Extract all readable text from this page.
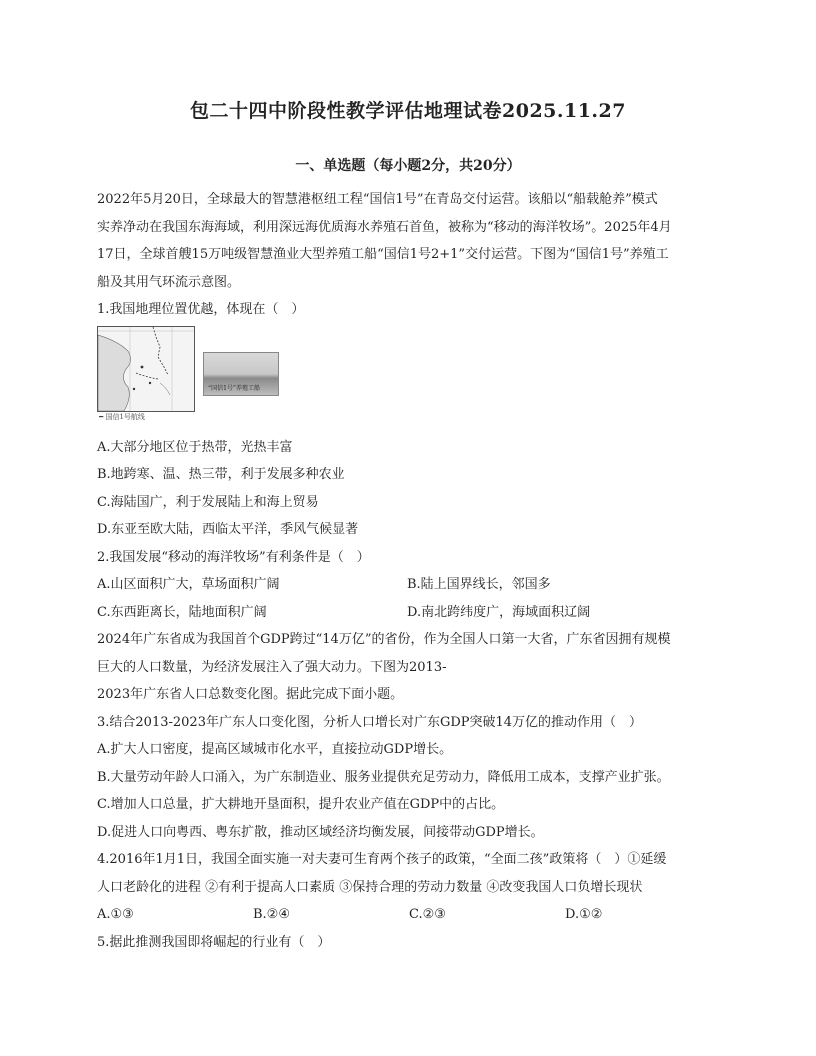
包二十四中阶段性教学评估地理试卷2025.11.27
一、单选题（每小题2分，共20分）

2022年5月20日，全球最大的智慧港枢纽工程“国信1号”在青岛交付运营。该船以“船载舱养”模式

实养净动在我国东海海域，利用深远海优质海水养殖石首鱼，被称为“移动的海洋牧场”。2025年4月

17日，全球首艘15万吨级智慧渔业大型养殖工船“国信1号2+1”交付运营。下图为“国信1号”养殖工

船及其用气环流示意图。

1.我国地理位置优越，体现在（　）

━ 国信1号航线
“国信1号”养殖工船

A.大部分地区位于热带，光热丰富

B.地跨寒、温、热三带，利于发展多种农业

C.海陆国广，利于发展陆上和海上贸易

D.东亚至欧大陆，西临太平洋，季风气候显著

2.我国发展“移动的海洋牧场”有利条件是（　）

A.山区面积广大，草场面积广阔	B.陆上国界线长，邻国多
C.东西距离长，陆地面积广阔	D.南北跨纬度广，海域面积辽阔

2024年广东省成为我国首个GDP跨过“14万亿”的省份，作为全国人口第一大省，广东省因拥有规模

巨大的人口数量，为经济发展注入了强大动力。下图为2013-

2023年广东省人口总数变化图。据此完成下面小题。

3.结合2013-2023年广东人口变化图，分析人口增长对广东GDP突破14万亿的推动作用（　）

A.扩大人口密度，提高区域城市化水平，直接拉动GDP增长。

B.大量劳动年龄人口涌入，为广东制造业、服务业提供充足劳动力，降低用工成本，支撑产业扩张。

C.增加人口总量，扩大耕地开垦面积，提升农业产值在GDP中的占比。

D.促进人口向粤西、粤东扩散，推动区域经济均衡发展，间接带动GDP增长。

4.2016年1月1日，我国全面实施一对夫妻可生育两个孩子的政策，“全面二孩”政策将（　）①延缓

人口老龄化的进程 ②有利于提高人口素质 ③保持合理的劳动力数量 ④改变我国人口负增长现状

A.①③	B.②④	C.②③	D.①②

5.据此推测我国即将崛起的行业有（　）
